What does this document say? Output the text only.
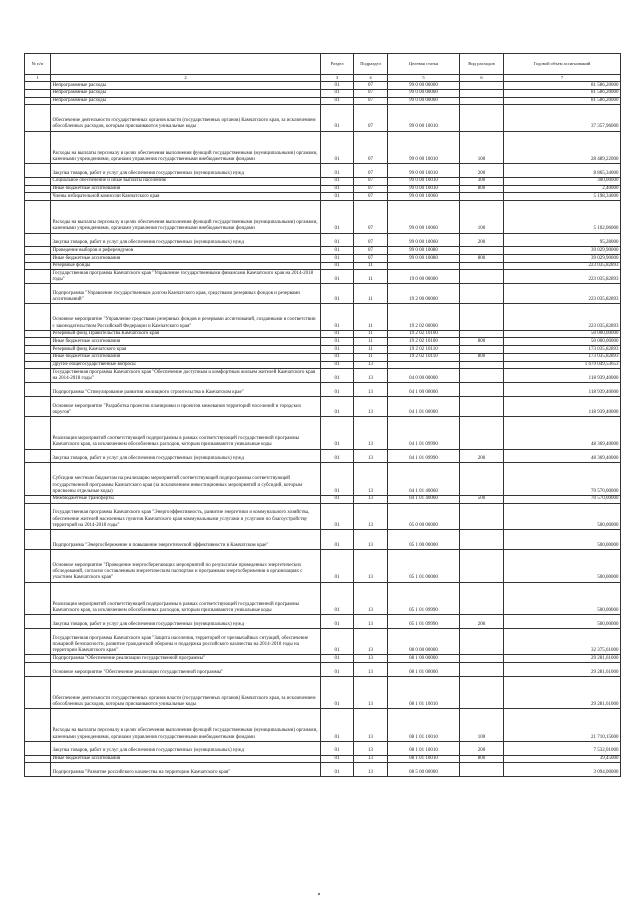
№ п/п		Раздел	Подраздел	Целевая статья	Вид расходов	Годовой объем ассигнований
1	2	3	4	5	6	7
	Непрограммные расходы	01	07	99 0 00 00000		81 586,20000
	Непрограммные расходы	01	07	99 0 00 00000		81 586,20000
	Непрограммные расходы	01	07	99 0 00 00000		81 586,20000
	Обеспечение деятельности государственных органов власти (государственных органов) Камчатского края, за исключением обособленных расходов, которым присваиваются уникальные коды	01	07	99 0 00 10010		37 357,96000
	Расходы на выплаты персоналу в целях обеспечения выполнения функций государственными (муниципальными) органами, казенными учреждениями, органами управления государственными внебюджетными фондами	01	07	99 0 00 10010	100	28 489,22000
	Закупка товаров, работ и услуг для обеспечения государственных (муниципальных) нужд	01	07	99 0 00 10010	200	8 865,34000
	Социальное обеспечение и иные выплаты населению	01	07	99 0 00 10010	300	300,00000
	Иные бюджетные ассигнования	01	07	99 0 00 10010	800	2,40000
	Члены избирательной комиссии Камчатского края	01	07	99 0 00 10060		5 198,34000
	Расходы на выплаты персоналу в целях обеспечения выполнения функций государственными (муниципальными) органами, казенными учреждениями, органами управления государственными внебюджетными фондами	01	07	99 0 00 10060	100	5 102,06000
	Закупка товаров, работ и услуг для обеспечения государственных (муниципальных) нужд	01	07	99 0 00 10060	200	95,28000
	Проведение выборов и референдумов	01	07	99 0 00 10080		39 029,90000
	Иные бюджетные ассигнования	01	07	99 0 00 10080	800	39 029,90000
	Резервные фонды	01	11			223 035,82893
	Государственная программа Камчатского края "Управление государственными финансами Камчатского края на 2014-2018 годы"	01	11	19 0 00 00000		223 035,82893
	Подпрограмма "Управление государственным долгом Камчатского края, средствами резервных фондов и резервами ассигнований"	01	11	19 2 00 00000		223 035,82893
	Основное мероприятие "Управление средствами резервных фондов и резервами ассигнований, созданными в соответствии с законодательством Российской Федерации и Камчатского края"	01	11	19 2 02 00000		223 035,82893
	Резервный фонд Правительства Камчатского края	01	11	19 2 02 10100		50 000,00000
	Иные бюджетные ассигнования	01	11	19 2 02 10100	800	50 000,00000
	Резервный фонд Камчатского края	01	11	19 2 02 10110		173 035,82893
	Иные бюджетные ассигнования	01	11	19 2 02 10110	800	173 035,82893
	Другие общегосударственные вопросы	01	13			1 679 049,53653
	Государственная программа Камчатского края "Обеспечение доступным и комфортным жильем жителей Камчатского края на 2014-2018 годы"	01	13	04 0 00 00000		118 939,40000
	Подпрограмма "Стимулирование развития жилищного строительства в Камчатском крае"	01	13	04 1 00 00000		118 939,40000
	Основное мероприятие "Разработка проектов планировки и проектов межевания территорий поселений и городских округов"	01	13	04 1 01 00000		118 939,40000
	Реализация мероприятий соответствующей подпрограммы в рамках соответствующей государственной программы Камчатского края, за исключением обособленных расходов, которым присваиваются уникальные коды	01	13	04 1 01 09990		48 369,40000
	Закупка товаров, работ и услуг для обеспечения государственных (муниципальных) нужд	01	13	04 1 01 09990	200	48 369,40000
	Субсидии местным бюджетам на реализацию мероприятий соответствующей подпрограммы соответствующей государственной программы Камчатского края (за исключением инвестиционных мероприятий и субсидий, которым присвоены отдельные коды)	01	13	04 1 01 40060		70 570,00000
	Межбюджетные трансферты	01	13	04 1 01 40060	500	70 570,00000
	Государственная программа Камчатского края "Энергоэффективность, развитие энергетики и коммунального хозяйства, обеспечение жителей населенных пунктов Камчатского края коммунальными услугами и услугами по благоустройству территорий на 2014-2018 годы"	01	13	05 0 00 00000		500,00000
	Подпрограмма "Энергосбережение и повышение энергетической эффективности в Камчатском крае"	01	13	05 1 00 00000		500,00000
	Основное мероприятие "Проведение энергосберегающих мероприятий по результатам проведенных энергетических обследований, согласно составленным энергетическим паспортам и программам энергосбережения в организациях с участием Камчатского края"	01	13	05 1 01 00000		500,00000
	Реализация мероприятий соответствующей подпрограммы в рамках соответствующей государственной программы Камчатского края, за исключением обособленных расходов, которым присваиваются уникальные коды	01	13	05 1 01 09990		500,00000
	Закупка товаров, работ и услуг для обеспечения государственных (муниципальных) нужд	01	13	05 1 01 09990	200	500,00000
	Государственная программа Камчатского края "Защита населения, территорий от чрезвычайных ситуаций, обеспечение пожарной безопасности, развитие гражданской обороны и поддержка российского казачества на 2014-2018 годы на территории Камчатского края"	01	13	08 0 00 00000		32 375,61000
	Подпрограмма "Обеспечение реализации государственной программы"	01	13	08 1 00 00000		29 281,61000
	Основное мероприятие "Обеспечение реализации государственной программы"	01	13	08 1 01 00000		29 281,61000
	Обеспечение деятельности государственных органов власти (государственных органов) Камчатского края, за исключением обособленных расходов, которым присваиваются уникальные коды	01	13	08 1 01 10010		29 281,61000
	Расходы на выплаты персоналу в целях обеспечения выполнения функций государственными (муниципальными) органами, казенными учреждениями, органами управления государственными внебюджетными фондами	01	13	08 1 01 10010	100	21 710,15000
	Закупка товаров, работ и услуг для обеспечения государственных (муниципальных) нужд	01	13	08 1 01 10010	200	7 532,01000
	Иные бюджетные ассигнования	01	13	08 1 01 10010	800	39,45000
	Подпрограмма "Развитие российского казачества на территории Камчатского края"	01	13	08 5 00 00000		3 094,00000
